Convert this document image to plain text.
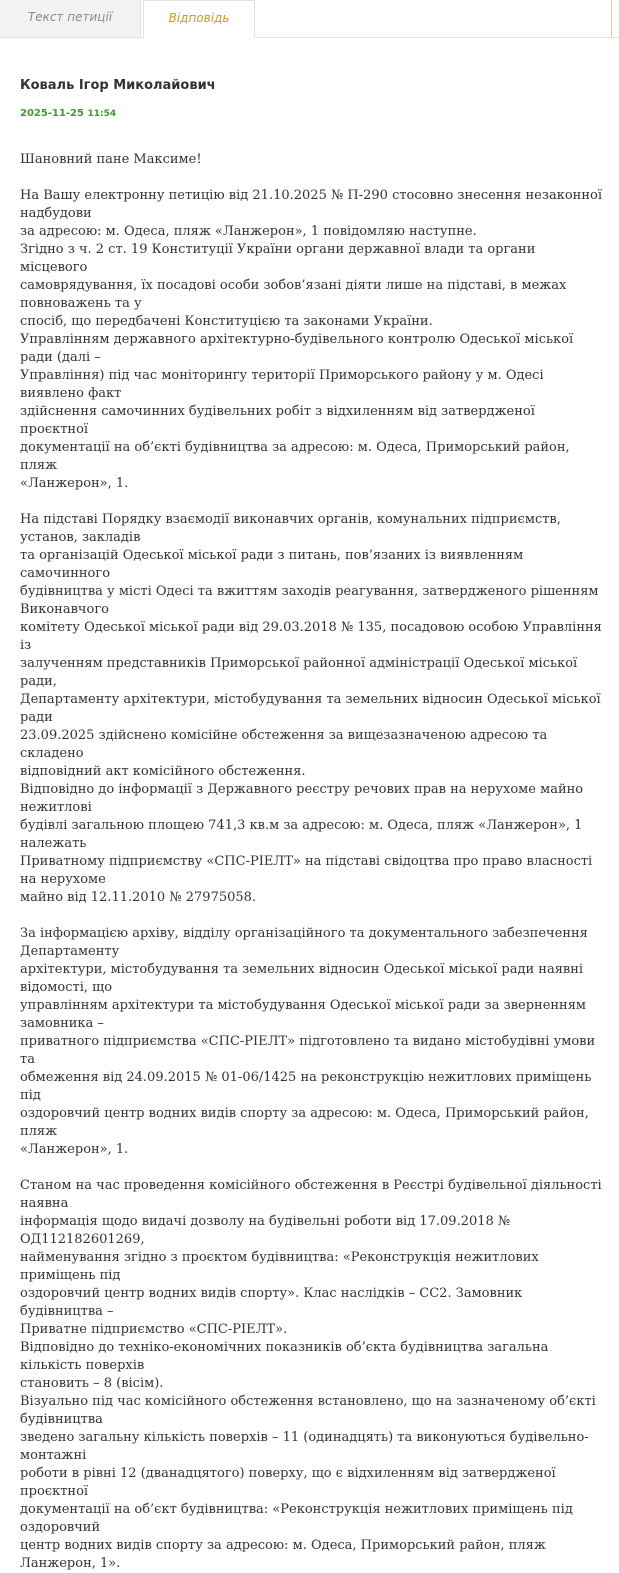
Текст петиції	Відповідь
Коваль Ігор Миколайович
2025-11-25 11:54

Шановний пане Максиме!

На Вашу електронну петицію від 21.10.2025 № П-290 стосовно знесення незаконної надбудови
за адресою: м. Одеса, пляж «Ланжерон», 1 повідомляю наступне.
Згідно з ч. 2 ст. 19 Конституції України органи державної влади та органи місцевого
самоврядування, їх посадові особи зобов’язані діяти лише на підставі, в межах повноважень та у
спосіб, що передбачені Конституцією та законами України.
Управлінням державного архітектурно-будівельного контролю Одеської міської ради (далі –
Управління) під час моніторингу території Приморського району у м. Одесі виявлено факт
здійснення самочинних будівельних робіт з відхиленням від затвердженої проєктної
документації на об’єкті будівництва за адресою: м. Одеса, Приморський район, пляж
«Ланжерон», 1.

На підставі Порядку взаємодії виконавчих органів, комунальних підприємств, установ, закладів
та організацій Одеської міської ради з питань, пов’язаних із виявленням самочинного
будівництва у місті Одесі та вжиттям заходів реагування, затвердженого рішенням Виконавчого
комітету Одеської міської ради від 29.03.2018 № 135, посадовою особою Управління із
залученням представників Приморської районної адміністрації Одеської міської ради,
Департаменту архітектури, містобудування та земельних відносин Одеської міської ради
23.09.2025 здійснено комісійне обстеження за вищезазначеною адресою та складено
відповідний акт комісійного обстеження.
Відповідно до інформації з Державного реєстру речових прав на нерухоме майно нежитлові
будівлі загальною площею 741,3 кв.м за адресою: м. Одеса, пляж «Ланжерон», 1 належать
Приватному підприємству «СПС-РІЕЛТ» на підставі свідоцтва про право власності на нерухоме
майно від 12.11.2010 № 27975058.

За інформацією архіву, відділу організаційного та документального забезпечення Департаменту
архітектури, містобудування та земельних відносин Одеської міської ради наявні відомості, що
управлінням архітектури та містобудування Одеської міської ради за зверненням замовника –
приватного підприємства «СПС-РІЕЛТ» підготовлено та видано містобудівні умови та
обмеження від 24.09.2015 № 01-06/1425 на реконструкцію нежитлових приміщень під
оздоровчий центр водних видів спорту за адресою: м. Одеса, Приморський район, пляж
«Ланжерон», 1.

Станом на час проведення комісійного обстеження в Реєстрі будівельної діяльності наявна
інформація щодо видачі дозволу на будівельні роботи від 17.09.2018 № ОД112182601269,
найменування згідно з проєктом будівництва: «Реконструкція нежитлових приміщень під
оздоровчий центр водних видів спорту». Клас наслідків – СС2. Замовник будівництва –
Приватне підприємство «СПС-РІЕЛТ».
Відповідно до техніко-економічних показників об’єкта будівництва загальна кількість поверхів
становить – 8 (вісім).
Візуально під час комісійного обстеження встановлено, що на зазначеному об’єкті будівництва
зведено загальну кількість поверхів – 11 (одинадцять) та виконуються будівельно-монтажні
роботи в рівні 12 (дванадцятого) поверху, що є відхиленням від затвердженої проєктної
документації на об’єкт будівництва: «Реконструкція нежитлових приміщень під оздоровчий
центр водних видів спорту за адресою: м. Одеса, Приморський район, пляж Ланжерон, 1».
